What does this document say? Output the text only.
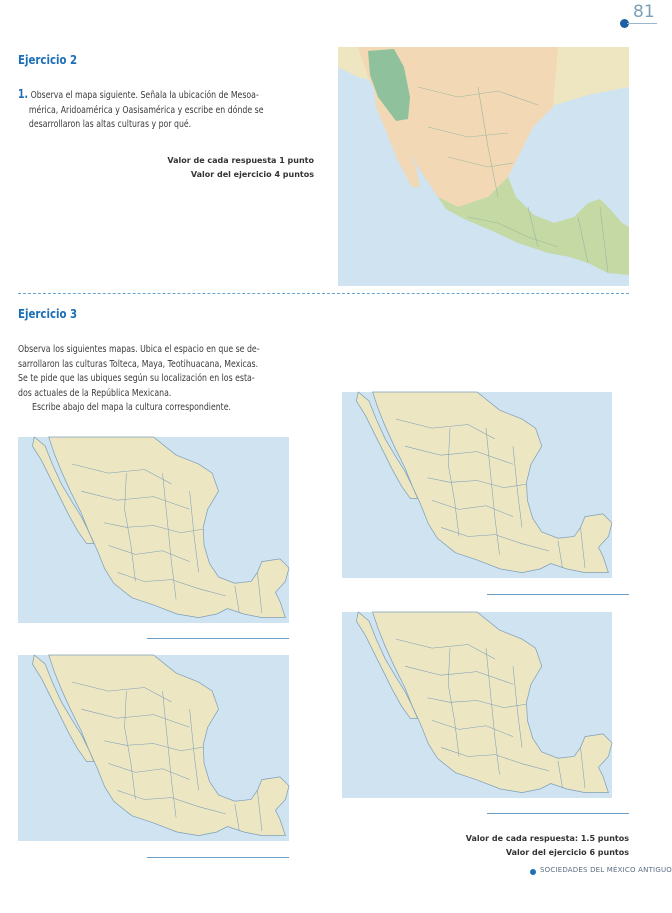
81
Ejercicio 2
1. Observa el mapa siguiente. Señala la ubicación de Mesoa-
mérica, Aridoamérica y Oasisamérica y escribe en dónde se
desarrollaron las altas culturas y por qué.
Valor de cada respuesta 1 punto
Valor del ejercicio 4 puntos
Ejercicio 3
Observa los siguientes mapas. Ubica el espacio en que se de-
sarrollaron las culturas Tolteca, Maya, Teotihuacana, Mexicas.
Se te pide que las ubiques según su localización en los esta-
dos actuales de la República Mexicana.
Escribe abajo del mapa la cultura correspondiente.
Valor de cada respuesta: 1.5 puntos
Valor del ejercicio 6 puntos
SOCIEDADES DEL MÉXICO ANTIGUO
